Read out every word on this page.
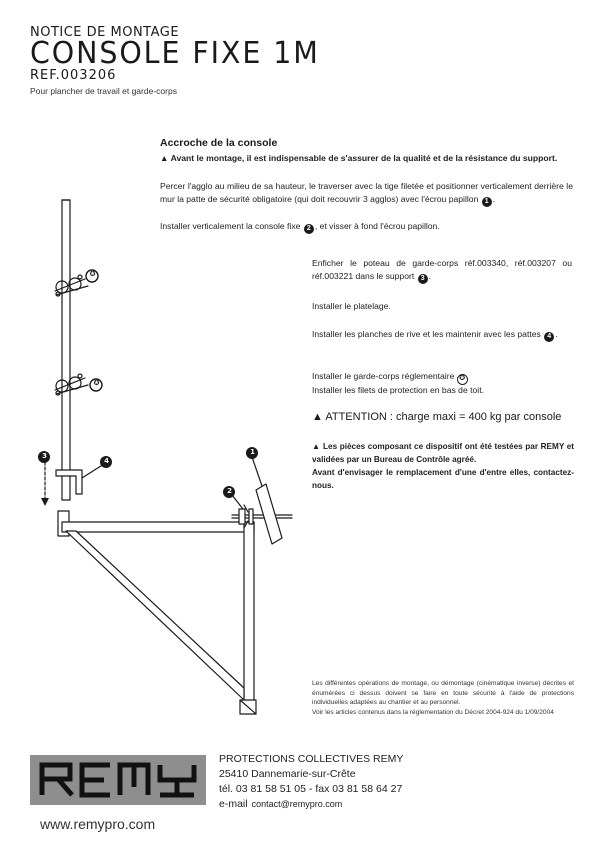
NOTICE DE MONTAGE
CONSOLE FIXE 1M
REF.003206
Pour plancher de travail et garde-corps
Accroche de la console
▲ Avant le montage, il est indispensable de s'assurer de la qualité et de la résistance du support.
Percer l'agglo au milieu de sa hauteur, le traverser avec la tige filetée et positionner verticalement derrière le mur la patte de sécurité obligatoire (qui doit recouvrir 3 agglos) avec l'écrou papillon 1 .
Installer verticalement la console fixe 2 , et visser à fond l'écrou papillon.
Enficher le poteau de garde-corps réf.003340, réf.003207 ou réf.003221 dans le support 3 .
Installer le platelage.
Installer les planches de rive et les maintenir avec les pattes 4 .
Installer le garde-corps réglementaire ✪
Installer les filets de protection en bas de toit.
▲ ATTENTION : charge maxi = 400 kg par console
▲ Les pièces composant ce dispositif ont été testées par REMY et validées par un Bureau de Contrôle agréé.
Avant d'envisager le remplacement d'une d'entre elles, contactez-nous.
Les différentes opérations de montage, ou démontage (cinématique inverse) décrites et énumérées ci dessus doivent se faire en toute sécurité à l'aide de protections individuelles adaptées au chantier et au personnel.
Voir les articles contenus dans la réglementation du Décret 2004-924 du 1/09/2004
1
2
3
4
✪
✪
PROTECTIONS COLLECTIVES REMY
25410 Dannemarie-sur-Crête
tél. 03 81 58 51 05 - fax 03 81 58 64 27
e-mail contact@remypro.com
www.remypro.com
